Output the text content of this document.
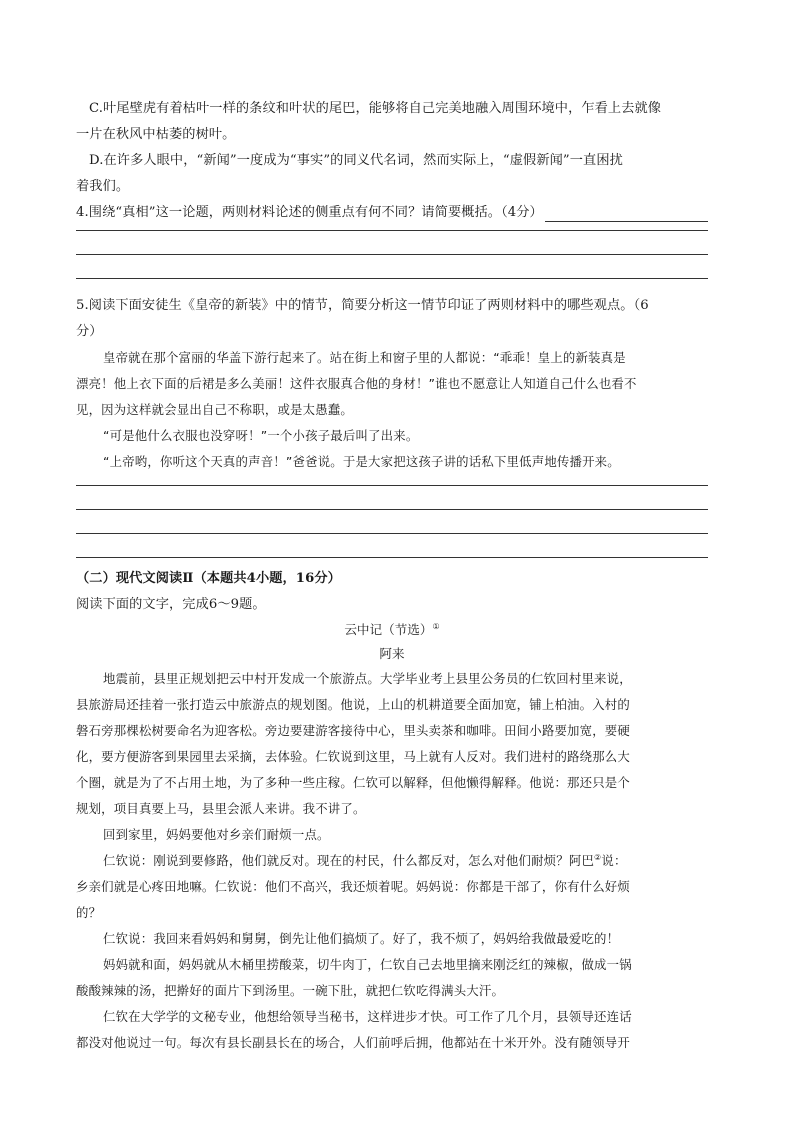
C.叶尾壁虎有着枯叶一样的条纹和叶状的尾巴，能够将自己完美地融入周围环境中，乍看上去就像

一片在秋风中枯萎的树叶。

D.在许多人眼中，“新闻”一度成为“事实”的同义代名词，然而实际上，“虚假新闻”一直困扰

着我们。

4.围绕“真相”这一论题，两则材料论述的侧重点有何不同？请简要概括。（4分）

5.阅读下面安徒生《皇帝的新装》中的情节，简要分析这一情节印证了两则材料中的哪些观点。（6

分）

皇帝就在那个富丽的华盖下游行起来了。站在街上和窗子里的人都说：“乖乖！皇上的新装真是

漂亮！他上衣下面的后裙是多么美丽！这件衣服真合他的身材！”谁也不愿意让人知道自己什么也看不

见，因为这样就会显出自己不称职，或是太愚蠢。

“可是他什么衣服也没穿呀！”一个小孩子最后叫了出来。

“上帝哟，你听这个天真的声音！”爸爸说。于是大家把这孩子讲的话私下里低声地传播开来。

（二）现代文阅读Ⅱ（本题共4小题，16分）

阅读下面的文字，完成6～9题。

云中记（节选）①

阿来

地震前，县里正规划把云中村开发成一个旅游点。大学毕业考上县里公务员的仁钦回村里来说，

县旅游局还挂着一张打造云中旅游点的规划图。他说，上山的机耕道要全面加宽，铺上柏油。入村的

磐石旁那棵松树要命名为迎客松。旁边要建游客接待中心，里头卖茶和咖啡。田间小路要加宽，要硬

化，要方便游客到果园里去采摘，去体验。仁钦说到这里，马上就有人反对。我们进村的路绕那么大

个圈，就是为了不占用土地，为了多种一些庄稼。仁钦可以解释，但他懒得解释。他说：那还只是个

规划，项目真要上马，县里会派人来讲。我不讲了。

回到家里，妈妈要他对乡亲们耐烦一点。

仁钦说：刚说到要修路，他们就反对。现在的村民，什么都反对，怎么对他们耐烦？阿巴②说：

乡亲们就是心疼田地嘛。仁钦说：他们不高兴，我还烦着呢。妈妈说：你都是干部了，你有什么好烦

的？

仁钦说：我回来看妈妈和舅舅，倒先让他们搞烦了。好了，我不烦了，妈妈给我做最爱吃的！

妈妈就和面，妈妈就从木桶里捞酸菜，切牛肉丁，仁钦自己去地里摘来刚泛红的辣椒，做成一锅

酸酸辣辣的汤，把擀好的面片下到汤里。一碗下肚，就把仁钦吃得满头大汗。

仁钦在大学学的文秘专业，他想给领导当秘书，这样进步才快。可工作了几个月，县领导还连话

都没对他说过一句。每次有县长副县长在的场合，人们前呼后拥，他都站在十米开外。没有随领导开
